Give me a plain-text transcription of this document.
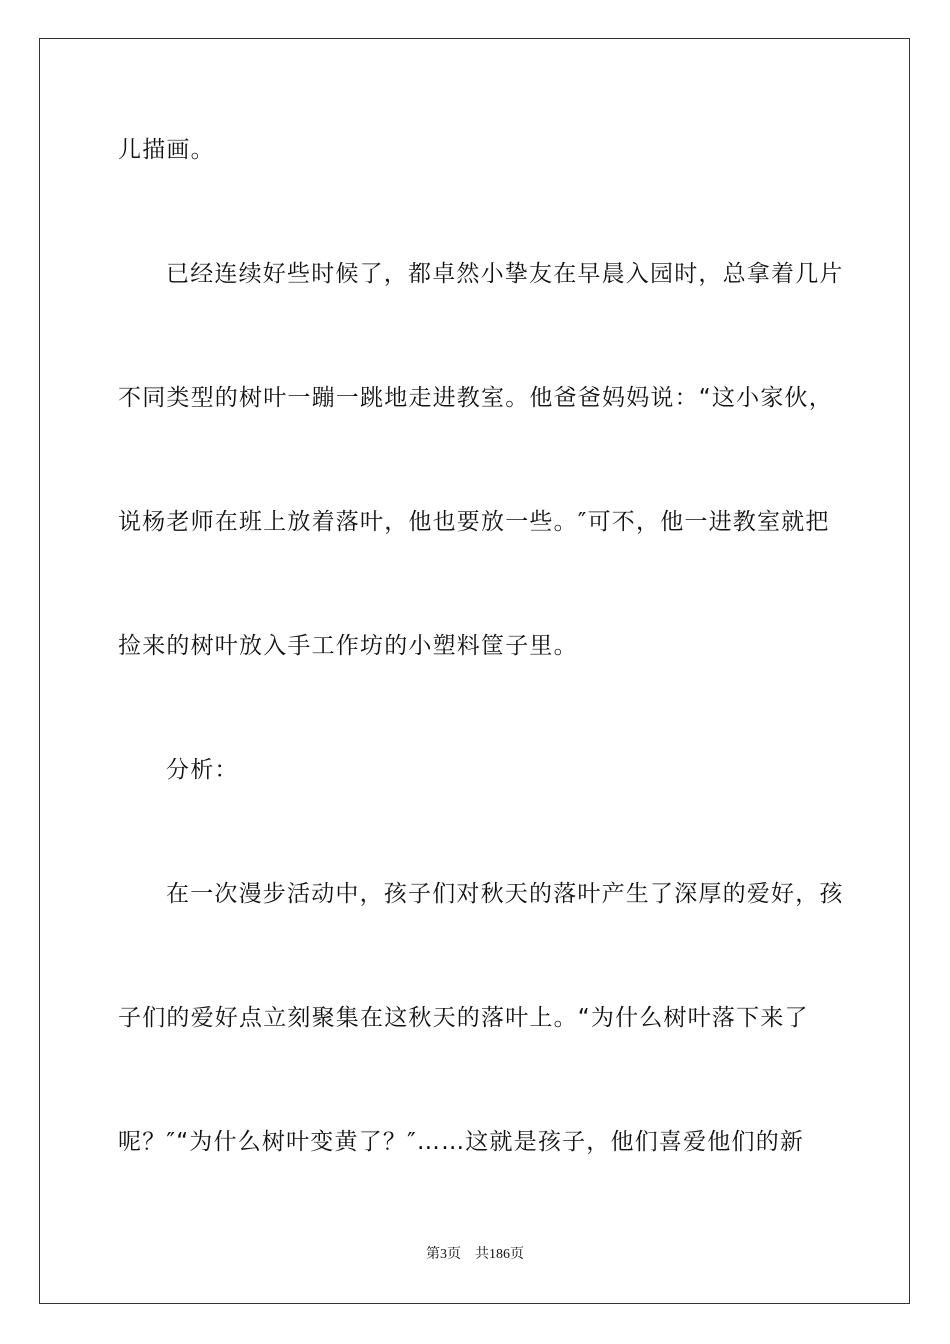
儿描画。
已经连续好些时候了，都卓然小挚友在早晨入园时，总拿着几片
不同类型的树叶一蹦一跳地走进教室。他爸爸妈妈说：“这小家伙，
说杨老师在班上放着落叶，他也要放一些。″可不，他一进教室就把
捡来的树叶放入手工作坊的小塑料筐子里。
分析：
在一次漫步活动中，孩子们对秋天的落叶产生了深厚的爱好，孩
子们的爱好点立刻聚集在这秋天的落叶上。“为什么树叶落下来了
呢？″“为什么树叶变黄了？″……这就是孩子，他们喜爱他们的新
第3页 共186页
